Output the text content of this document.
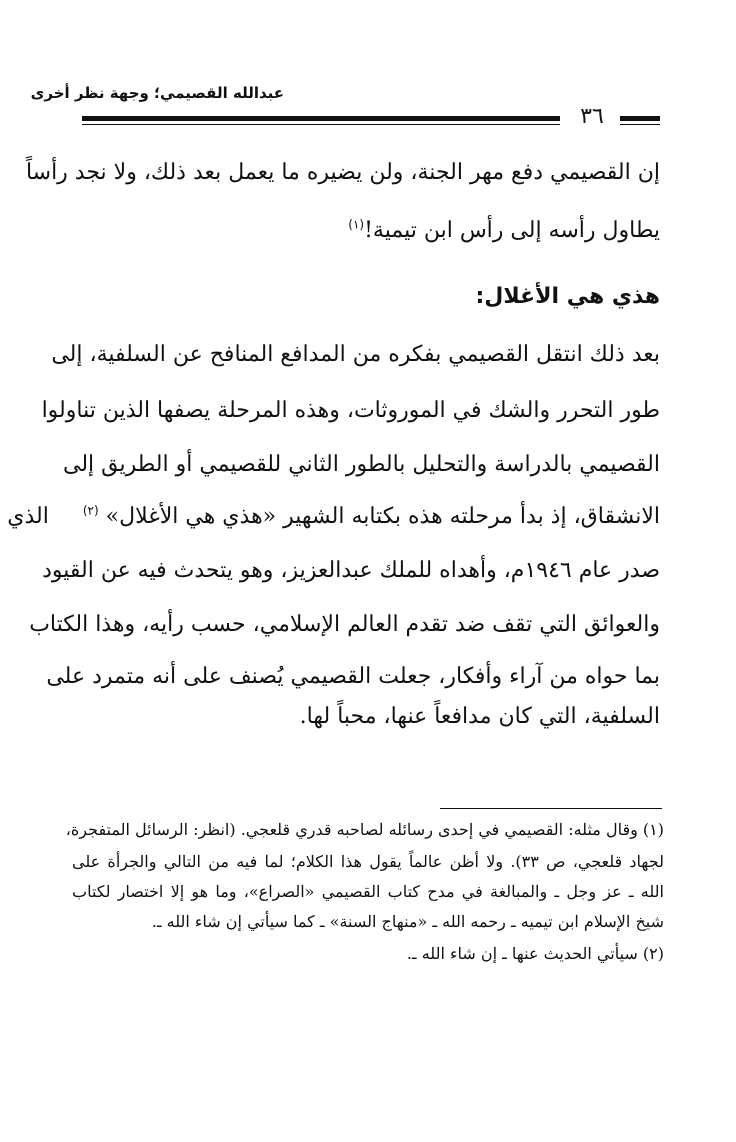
عبدالله القصيمي؛ وجهة نظر أخرى
٣٦
إن القصيمي دفع مهر الجنة، ولن يضيره ما يعمل بعد ذلك، ولا نجد رأساً
يطاول رأسه إلى رأس ابن تيمية!$^{(١)}$
هذي هي الأغلال:
بعد ذلك انتقل القصيمي بفكره من المدافع المنافح عن السلفية، إلى
طور التحرر والشك في الموروثات، وهذه المرحلة يصفها الذين تناولوا
القصيمي بالدراسة والتحليل بالطور الثاني للقصيمي أو الطريق إلى
الانشقاق، إذ بدأ مرحلته هذه بكتابه الشهير «هذي هي الأغلال» $^{(٢)}$  الذي
صدر عام ١٩٤٦م، وأهداه للملك عبدالعزيز، وهو يتحدث فيه عن القيود
والعوائق التي تقف ضد تقدم العالم الإسلامي، حسب رأيه، وهذا الكتاب
بما حواه من آراء وأفكار، جعلت القصيمي يُصنف على أنه متمرد على
السلفية، التي كان مدافعاً عنها، محباً لها.
(١) وقال مثله: القصيمي في إحدى رسائله لصاحبه قدري قلعجي. (انظر: الرسائل المتفجرة،
لجهاد قلعجي، ص ٣٣). ولا أظن عالماً يقول هذا الكلام؛ لما فيه من التالي والجرأة على
الله ـ عز وجل ـ والمبالغة في مدح كتاب القصيمي «الصراع»، وما هو إلا اختصار لكتاب
شيخ الإسلام ابن تيميه ـ رحمه الله ـ «منهاج السنة» ـ كما سيأتي إن شاء الله ـ.
(٢) سيأتي الحديث عنها ـ إن شاء الله ـ.
